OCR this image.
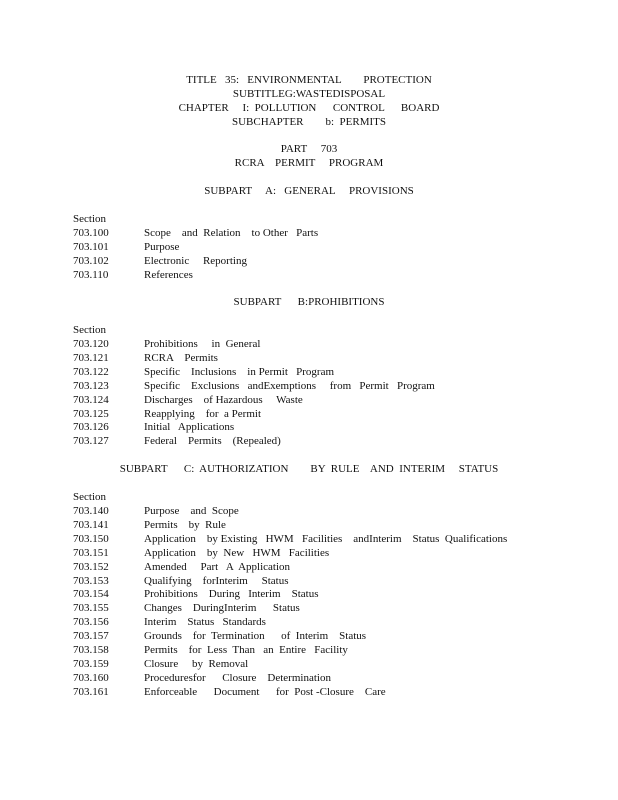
TITLE   35:   ENVIRONMENTAL        PROTECTION
SUBTITLEG:WASTEDISPOSAL
CHAPTER     I:  POLLUTION      CONTROL      BOARD
SUBCHAPTER        b:  PERMITS
PART     703
RCRA    PERMIT     PROGRAM
SUBPART     A:   GENERAL     PROVISIONS
Section
703.100	Scope    and  Relation    to Other   Parts
703.101	Purpose
703.102	Electronic     Reporting
703.110	References
SUBPART      B:PROHIBITIONS
Section
703.120	Prohibitions     in  General
703.121	RCRA    Permits
703.122	Specific    Inclusions    in Permit   Program
703.123	Specific    Exclusions   andExemptions     from   Permit   Program
703.124	Discharges    of Hazardous     Waste
703.125	Reapplying    for  a Permit
703.126	Initial   Applications
703.127	Federal    Permits    (Repealed)
SUBPART      C:  AUTHORIZATION        BY  RULE    AND  INTERIM     STATUS
Section
703.140	Purpose    and  Scope
703.141	Permits    by  Rule
703.150	Application    by Existing   HWM   Facilities    andInterim    Status  Qualifications
703.151	Application    by  New   HWM   Facilities
703.152	Amended     Part   A  Application
703.153	Qualifying    forInterim     Status
703.154	Prohibitions    During   Interim    Status
703.155	Changes    DuringInterim      Status
703.156	Interim    Status   Standards
703.157	Grounds    for  Termination      of  Interim    Status
703.158	Permits    for  Less  Than   an  Entire   Facility
703.159	Closure     by  Removal
703.160	Proceduresfor      Closure    Determination
703.161	Enforceable      Document      for  Post -Closure    Care
